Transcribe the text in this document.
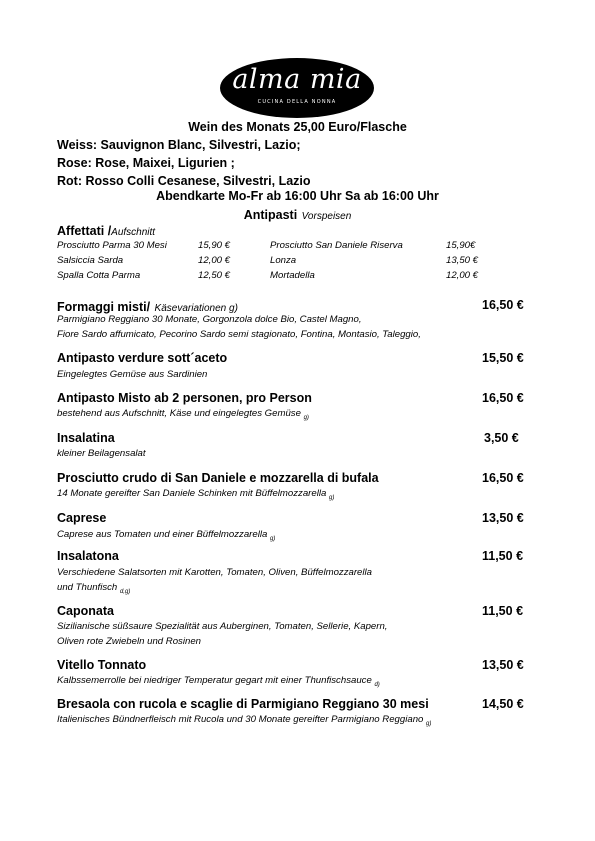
alma mia
CUCINA DELLA NONNA
Wein des Monats 25,00 Euro/Flasche
Weiss: Sauvignon Blanc, Silvestri, Lazio;
Rose: Rose, Maixei, Ligurien ;
Rot: Rosso Colli Cesanese, Silvestri, Lazio
Abendkarte Mo-Fr ab 16:00 Uhr Sa ab 16:00 Uhr
Antipasti Vorspeisen
Affettati /Aufschnitt
Prosciutto Parma 30 Mesi	15,90 €	Prosciutto San Daniele Riserva	15,90€
Salsiccia Sarda	12,00 €	Lonza	13,50 €
Spalla Cotta Parma	12,50 €	Mortadella	12,00 €
Formaggi misti/ Käsevariationen g)	16,50 €
Parmigiano Reggiano 30 Monate, Gorgonzola dolce Bio, Castel Magno,
Fiore Sardo affumicato, Pecorino Sardo semi stagionato, Fontina, Montasio, Taleggio,
Antipasto verdure sott´aceto	15,50 €
Eingelegtes Gemüse aus Sardinien
Antipasto Misto ab 2 personen, pro Person	16,50 €
bestehend aus Aufschnitt, Käse und eingelegtes Gemüse $_{g)}$
Insalatina	3,50 €
kleiner Beilagensalat
Prosciutto crudo di San Daniele e mozzarella di bufala	16,50 €
14 Monate gereifter San Daniele Schinken mit Büffelmozzarella $_{g)}$
Caprese	13,50 €
Caprese aus Tomaten und einer Büffelmozzarella $_{g)}$
Insalatona	11,50 €
Verschiedene Salatsorten mit Karotten, Tomaten, Oliven, Büffelmozzarella
und Thunfisch $_{d,g)}$
Caponata	11,50 €
Sizilianische süßsaure Spezialität aus Auberginen, Tomaten, Sellerie, Kapern,
Oliven rote Zwiebeln und Rosinen
Vitello Tonnato	13,50 €
Kalbssemerrolle bei niedriger Temperatur gegart mit einer Thunfischsauce $_{d)}$
Bresaola con rucola e scaglie di Parmigiano Reggiano 30 mesi	14,50 €
Italienisches Bündnerfleisch mit Rucola und 30 Monate gereifter Parmigiano Reggiano $_{g)}$
